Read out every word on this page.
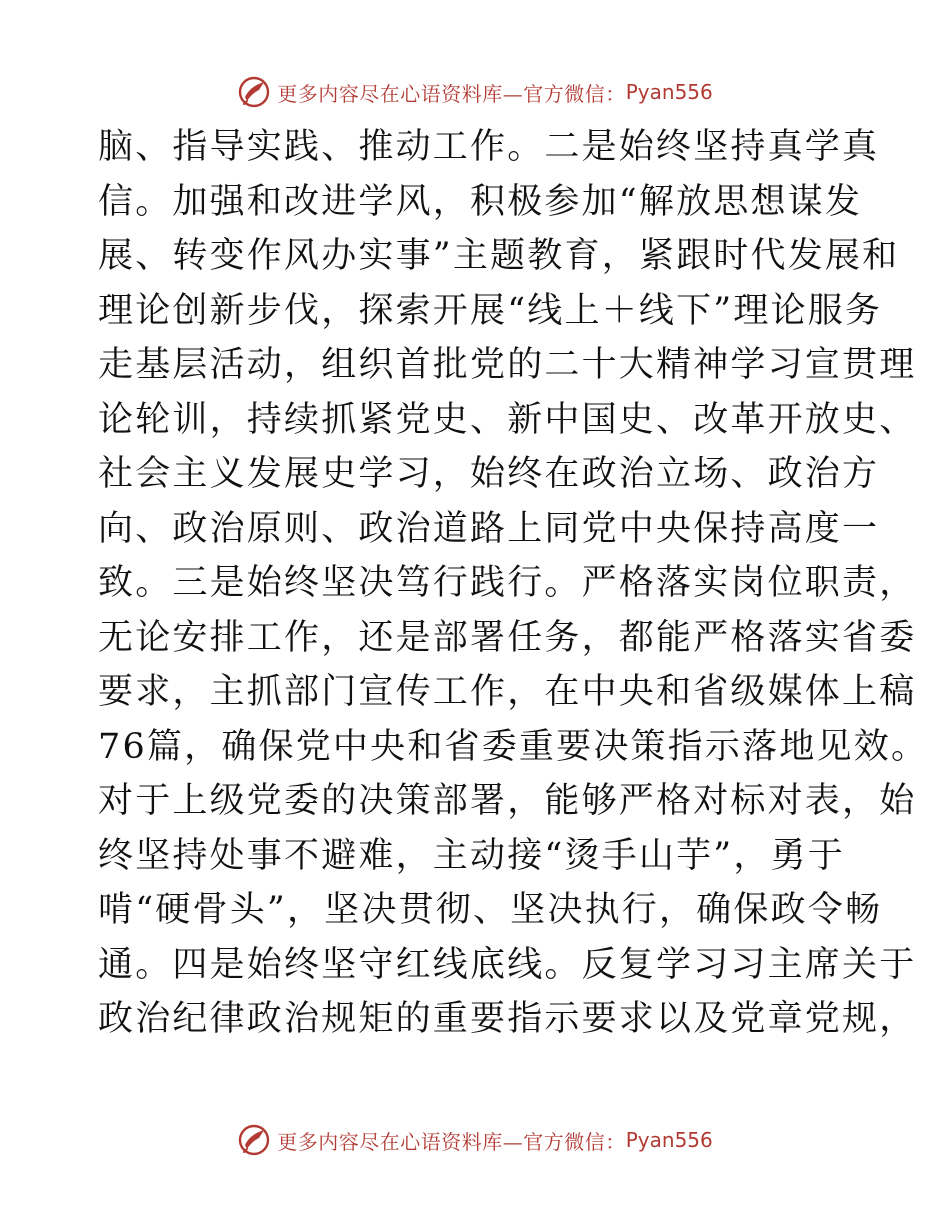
更多内容尽在心语资料库—官方微信： Pyan556
脑、指导实践、推动工作。二是始终坚持真学真
信。加强和改进学风，积极参加“解放思想谋发
展、转变作风办实事”主题教育，紧跟时代发展和
理论创新步伐，探索开展“线上＋线下”理论服务
走基层活动，组织首批党的二十大精神学习宣贯理
论轮训，持续抓紧党史、新中国史、改革开放史、
社会主义发展史学习，始终在政治立场、政治方
向、政治原则、政治道路上同党中央保持高度一
致。三是始终坚决笃行践行。严格落实岗位职责，
无论安排工作，还是部署任务，都能严格落实省委
要求，主抓部门宣传工作，在中央和省级媒体上稿
76篇，确保党中央和省委重要决策指示落地见效。
对于上级党委的决策部署，能够严格对标对表，始
终坚持处事不避难，主动接“烫手山芋”，勇于
啃“硬骨头”，坚决贯彻、坚决执行，确保政令畅
通。四是始终坚守红线底线。反复学习习主席关于
政治纪律政治规矩的重要指示要求以及党章党规，
更多内容尽在心语资料库—官方微信： Pyan556
